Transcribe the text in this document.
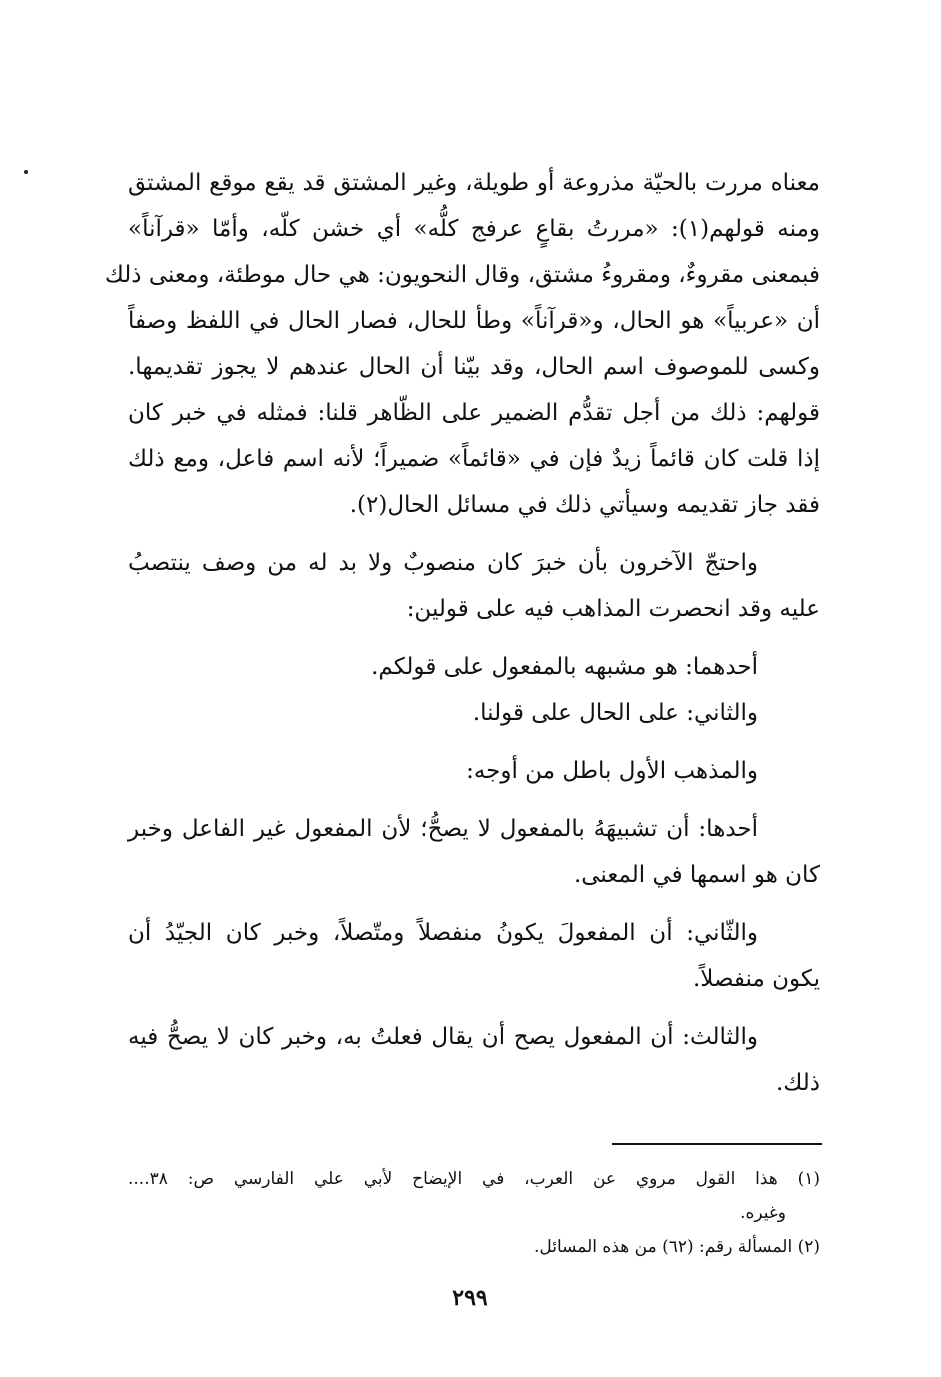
معناه مررت بالحيّة مذروعة أو طويلة، وغير المشتق قد يقع موقع المشتق
ومنه قولهم(١): «مررتُ بقاعٍ عرفج كلُّه» أي خشن كلّه، وأمّا «قرآناً»
فبمعنى مقروءٌ، ومقروءُ مشتق، وقال النحويون: هي حال موطئة، ومعنى ذلك
أن «عربياً» هو الحال، و«قرآناً» وطأ للحال، فصار الحال في اللفظ وصفاً
وكسى للموصوف اسم الحال، وقد بيّنا أن الحال عندهم لا يجوز تقديمها.
قولهم: ذلك من أجل تقدُّم الضمير على الظّاهر قلنا: فمثله في خبر كان
إذا قلت كان قائماً زيدٌ فإن في «قائماً» ضميراً؛ لأنه اسم فاعل، ومع ذلك
فقد جاز تقديمه وسيأتي ذلك في مسائل الحال(٢).
واحتجّ الآخرون بأن خبرَ كان منصوبٌ ولا بد له من وصف ينتصبُ
عليه وقد انحصرت المذاهب فيه على قولين:
أحدهما: هو مشبهه بالمفعول على قولكم.
والثاني: على الحال على قولنا.
والمذهب الأول باطل من أوجه:
أحدها: أن تشبيهَهُ بالمفعول لا يصحُّ؛ لأن المفعول غير الفاعل وخبر
كان هو اسمها في المعنى.
والثّاني: أن المفعولَ يكونُ منفصلاً ومتّصلاً، وخبر كان الجيّدُ أن
يكون منفصلاً.
والثالث: أن المفعول يصح أن يقال فعلتُ به، وخبر كان لا يصحُّ فيه
ذلك.
(١) هذا القول مروي عن العرب، في الإيضاح لأبي علي الفارسي ص: ٣٨....
وغيره.
(٢) المسألة رقم: (٦٢) من هذه المسائل.
٢٩٩
